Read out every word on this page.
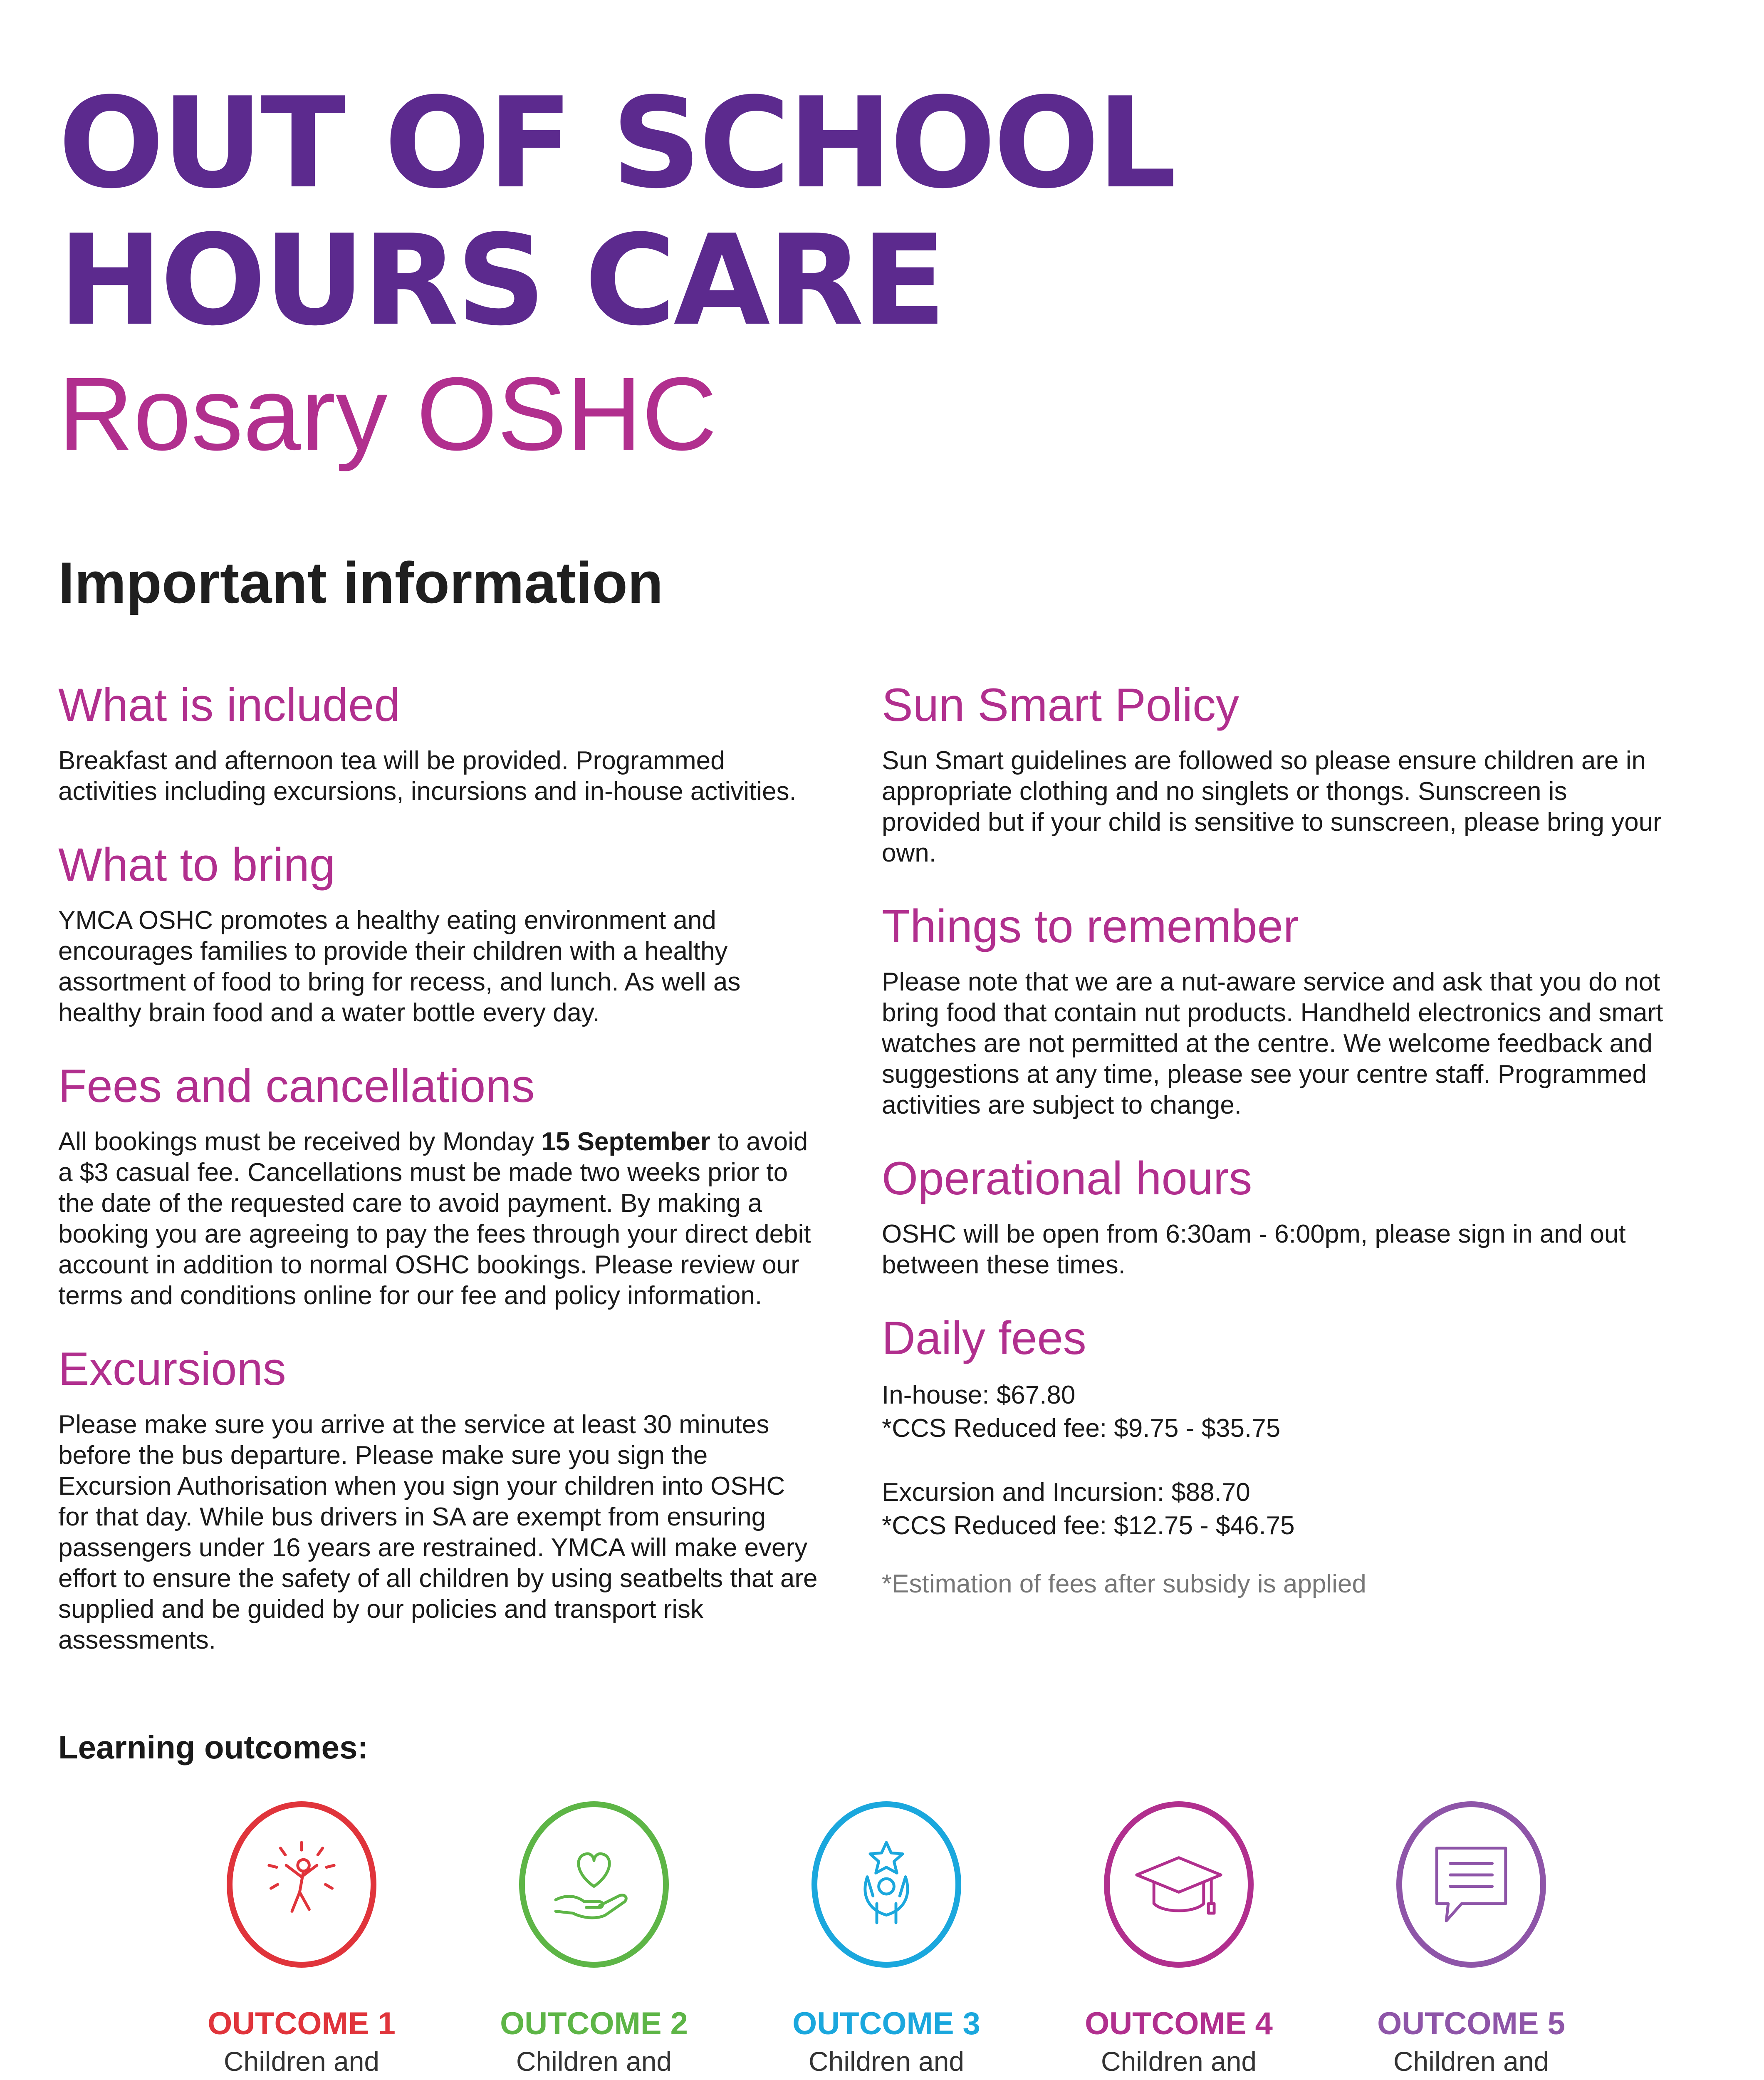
OUT OF SCHOOL
HOURS CARE
Rosary OSHC
Important information
What is included

Breakfast and afternoon tea will be provided. Programmed activities including excursions, incursions and in-house activities.

What to bring

YMCA OSHC promotes a healthy eating environment and encourages families to provide their children with a healthy assortment of food to bring for recess, and lunch. As well as healthy brain food and a water bottle every day.

Fees and cancellations

All bookings must be received by Monday 15 September to avoid a $3 casual fee. Cancellations must be made two weeks prior to the date of the requested care to avoid payment. By making a booking you are agreeing to pay the fees through your direct debit account in addition to normal OSHC bookings. Please review our terms and conditions online for our fee and policy information.

Excursions

Please make sure you arrive at the service at least 30 minutes before the bus departure. Please make sure you sign the Excursion Authorisation when you sign your children into OSHC for that day. While bus drivers in SA are exempt from ensuring passengers under 16 years are restrained. YMCA will make every effort to ensure the safety of all children by using seatbelts that are supplied and be guided by our policies and transport risk assessments.

Sun Smart Policy

Sun Smart guidelines are followed so please ensure children are in appropriate clothing and no singlets or thongs. Sunscreen is provided but if your child is sensitive to sunscreen, please bring your own.

Things to remember

Please note that we are a nut-aware service and ask that you do not bring food that contain nut products. Handheld electronics and smart watches are not permitted at the centre. We welcome feedback and suggestions at any time, please see your centre staff. Programmed activities are subject to change.

Operational hours

OSHC will be open from 6:30am - 6:00pm, please sign in and out between these times.

Daily fees

In-house: $67.80

*CCS Reduced fee: $9.75 - $35.75

Excursion and Incursion: $88.70

*CCS Reduced fee: $12.75 - $46.75

*Estimation of fees after subsidy is applied

Learning outcomes:
OUTCOME 1
Children and
OUTCOME 2
Children and
OUTCOME 3
Children and
OUTCOME 4
Children and
OUTCOME 5
Children and
